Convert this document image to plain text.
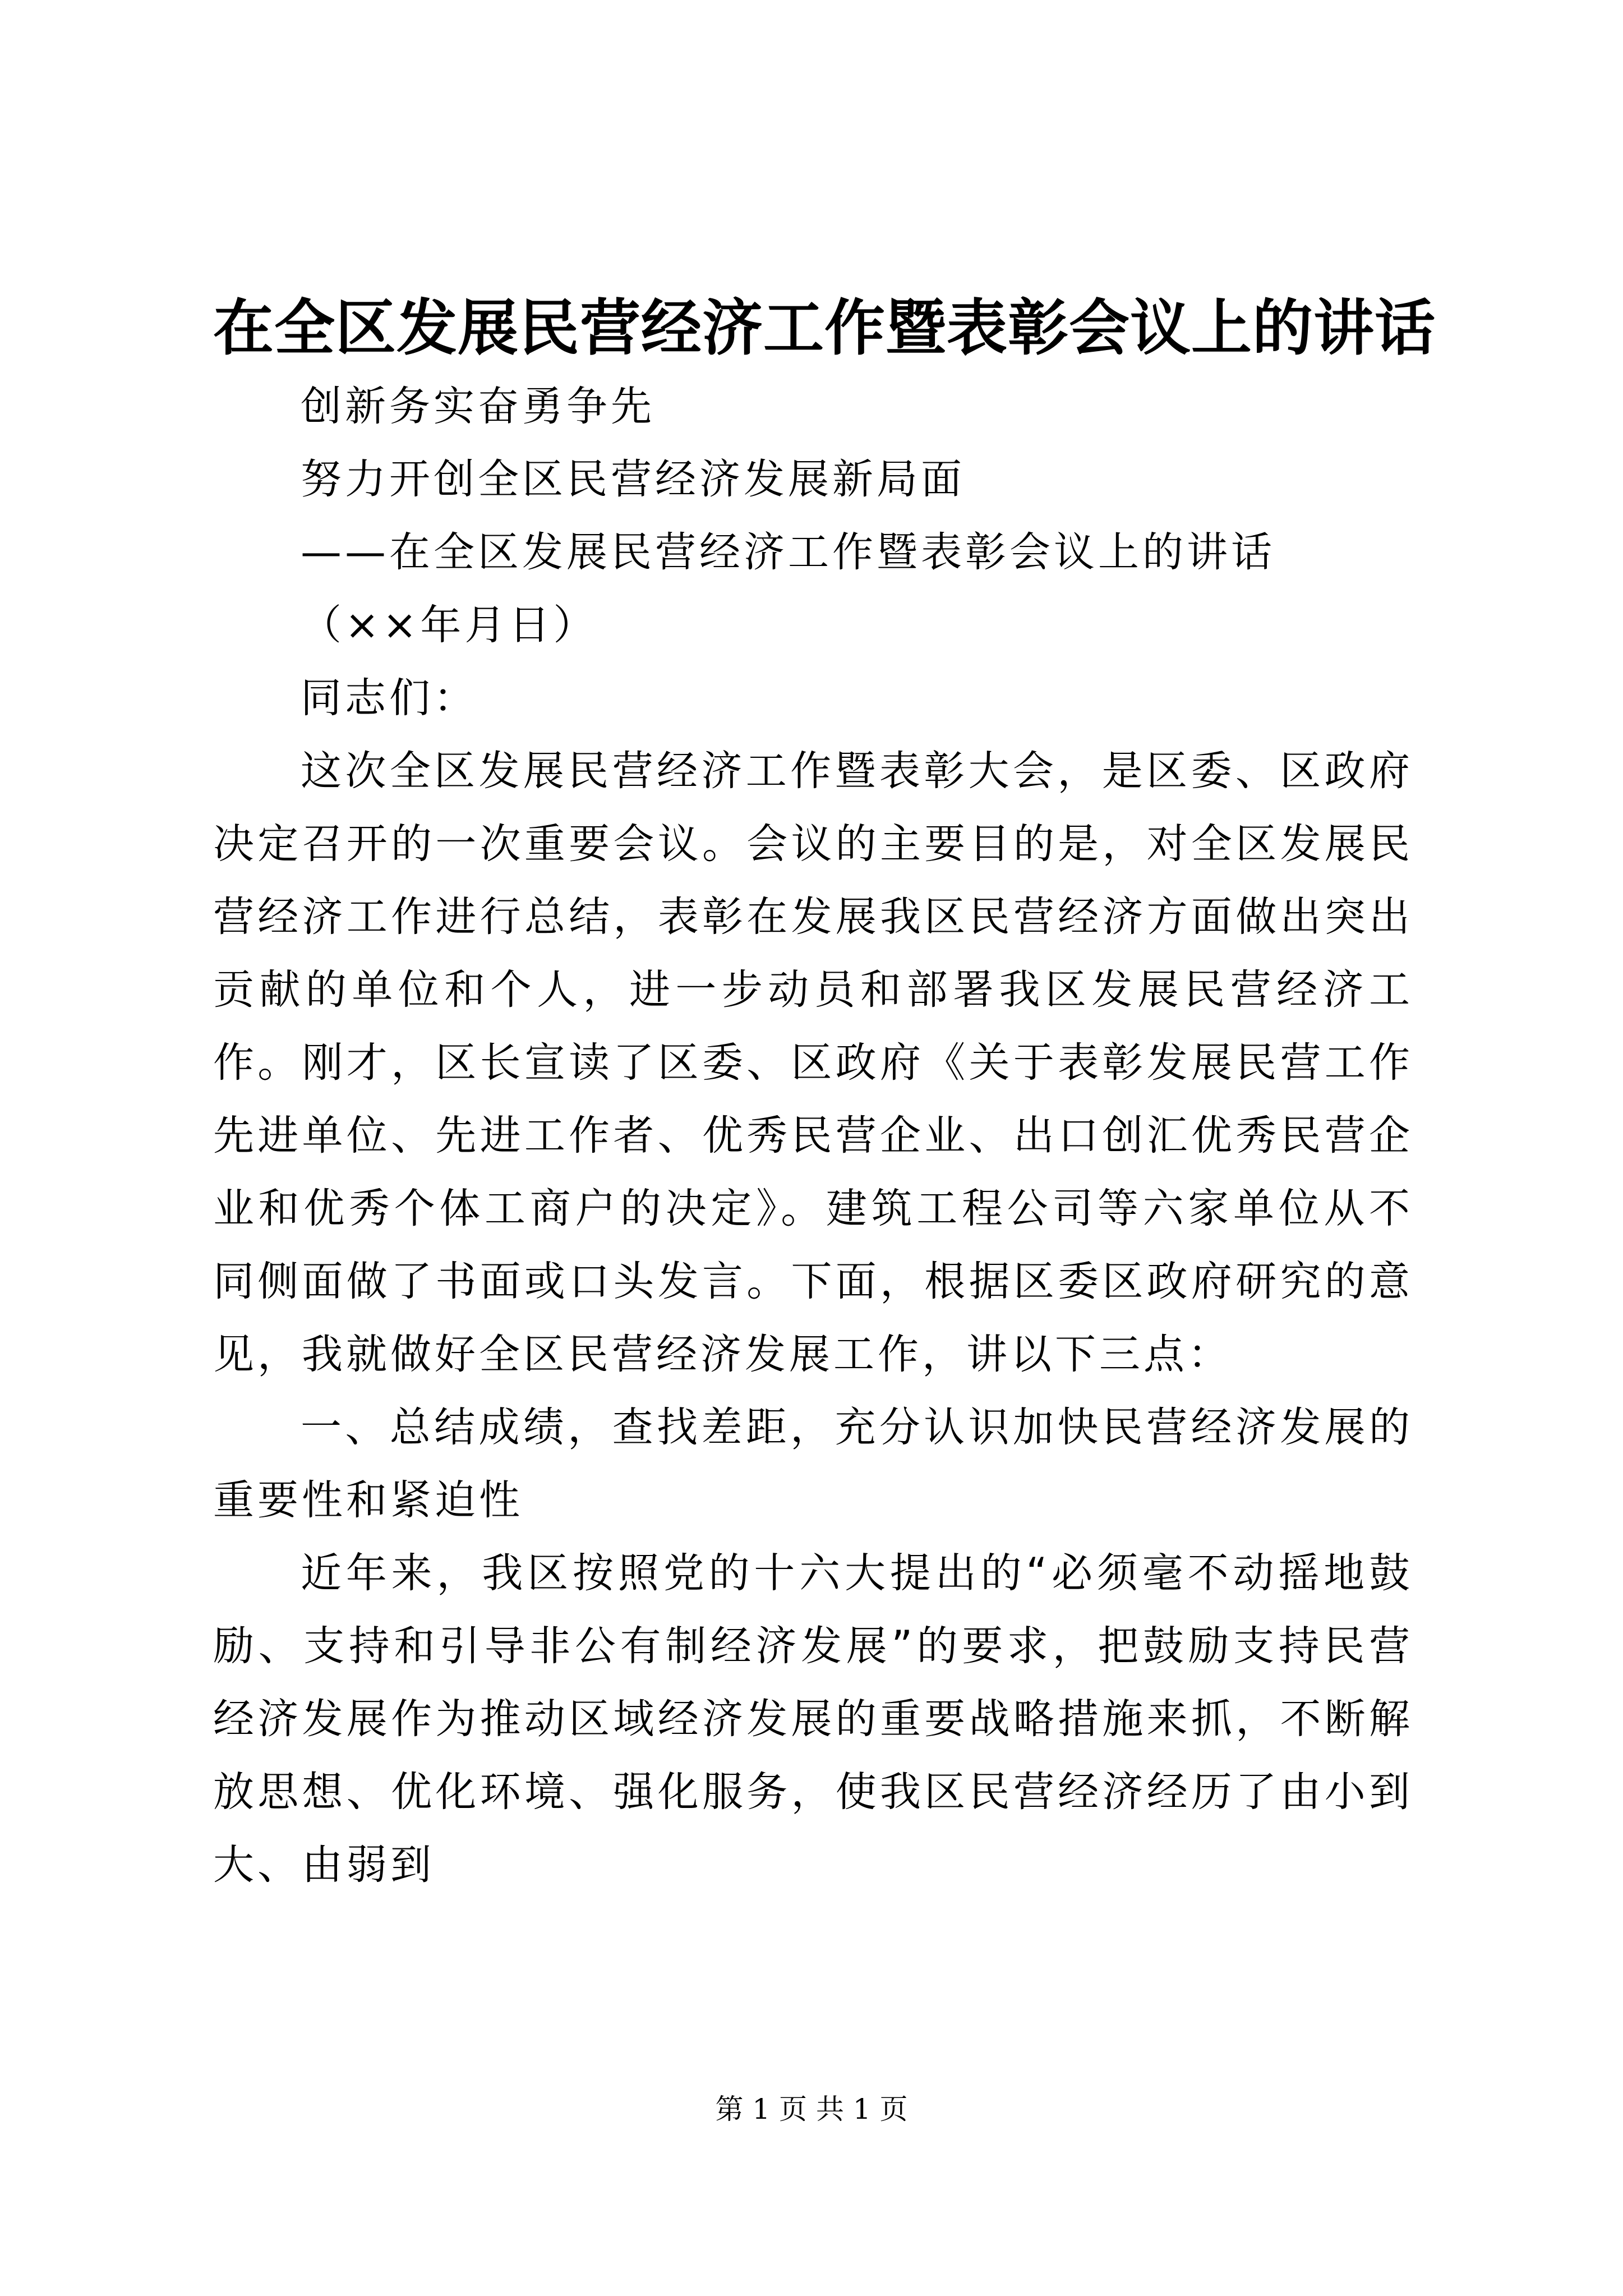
在全区发展民营经济工作暨表彰会议上的讲话
创新务实奋勇争先
努力开创全区民营经济发展新局面
——在全区发展民营经济工作暨表彰会议上的讲话
（××年月日）
同志们：

这次全区发展民营经济工作暨表彰大会，是区委、区政府决定召开的一次重要会议。会议的主要目的是，对全区发展民营经济工作进行总结，表彰在发展我区民营经济方面做出突出贡献的单位和个人，进一步动员和部署我区发展民营经济工作。刚才，区长宣读了区委、区政府《关于表彰发展民营工作先进单位、先进工作者、优秀民营企业、出口创汇优秀民营企业和优秀个体工商户的决定》。建筑工程公司等六家单位从不同侧面做了书面或口头发言。下面，根据区委区政府研究的意见，我就做好全区民营经济发展工作，讲以下三点：

一、总结成绩，查找差距，充分认识加快民营经济发展的重要性和紧迫性

近年来，我区按照党的十六大提出的“必须毫不动摇地鼓励、支持和引导非公有制经济发展”的要求，把鼓励支持民营经济发展作为推动区域经济发展的重要战略措施来抓，不断解放思想、优化环境、强化服务，使我区民营经济经历了由小到大、由弱到

第 1 页 共 1 页
